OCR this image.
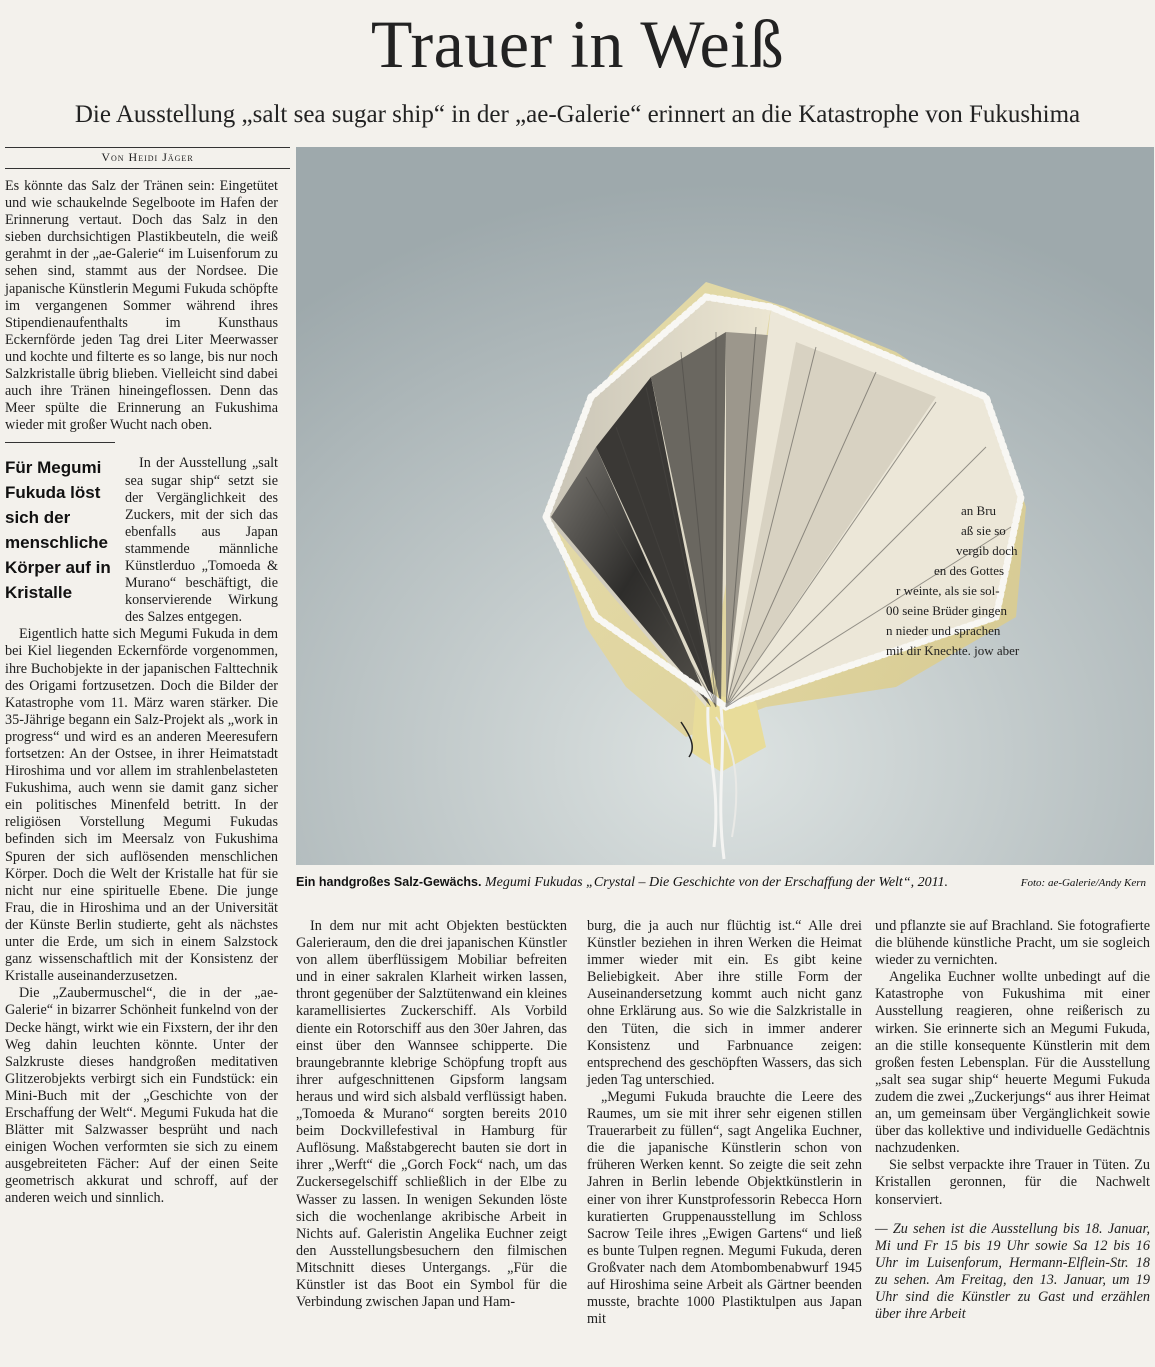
Trauer in Weiß
Die Ausstellung „salt sea sugar ship“ in der „ae-Galerie“ erinnert an die Katastrophe von Fukushima
Von Heidi Jäger

Es könnte das Salz der Tränen sein: Eingetütet und wie schaukelnde Segelboote im Hafen der Erinnerung vertaut. Doch das Salz in den sieben durchsichtigen Plastikbeuteln, die weiß gerahmt in der „ae-Galerie“ im Luisenforum zu sehen sind, stammt aus der Nordsee. Die japanische Künstlerin Megumi Fukuda schöpfte im vergangenen Sommer während ihres Stipendienaufenthalts im Kunsthaus Eckernförde jeden Tag drei Liter Meerwasser und kochte und filterte es so lange, bis nur noch Salzkristalle übrig blieben. Vielleicht sind dabei auch ihre Tränen hineingeflossen. Denn das Meer spülte die Erinnerung an Fukushima wieder mit großer Wucht nach oben.

Für Megumi Fukuda löst sich der menschliche Körper auf in Kristalle

In der Ausstellung „salt sea sugar ship“ setzt sie der Vergänglichkeit des Zuckers, mit der sich das ebenfalls aus Japan stammende männliche Künstlerduo „Tomoeda & Murano“ beschäftigt, die konservierende Wirkung des Salzes entgegen.

Eigentlich hatte sich Megumi Fukuda in dem bei Kiel liegenden Eckernförde vorgenommen, ihre Buchobjekte in der japanischen Falttechnik des Origami fortzusetzen. Doch die Bilder der Katastrophe vom 11. März waren stärker. Die 35-Jährige begann ein Salz-Projekt als „work in progress“ und wird es an anderen Meeresufern fortsetzen: An der Ostsee, in ihrer Heimatstadt Hiroshima und vor allem im strahlenbelasteten Fukushima, auch wenn sie damit ganz sicher ein politisches Minenfeld betritt. In der religiösen Vorstellung Megumi Fukudas befinden sich im Meersalz von Fukushima Spuren der sich auflösenden menschlichen Körper. Doch die Welt der Kristalle hat für sie nicht nur eine spirituelle Ebene. Die junge Frau, die in Hiroshima und an der Universität der Künste Berlin studierte, geht als nächstes unter die Erde, um sich in einem Salzstock ganz wissenschaftlich mit der Konsistenz der Kristalle auseinanderzusetzen.

Die „Zaubermuschel“, die in der „ae-Galerie“ in bizarrer Schönheit funkelnd von der Decke hängt, wirkt wie ein Fixstern, der ihr den Weg dahin leuchten könnte. Unter der Salzkruste dieses handgroßen meditativen Glitzerobjekts verbirgt sich ein Fundstück: ein Mini-Buch mit der „Geschichte von der Erschaffung der Welt“. Megumi Fukuda hat die Blätter mit Salzwasser besprüht und nach einigen Wochen verformten sie sich zu einem ausgebreiteten Fächer: Auf der einen Seite geometrisch akkurat und schroff, auf der anderen weich und sinnlich.

an Bru
aß sie so
vergib doch
en des Gottes
r weinte, als sie sol-
00 seine Brüder gingen
n nieder und sprachen
mit dir Knechte. jow aber
Ein handgroßes Salz-Gewächs. Megumi Fukudas „Crystal – Die Geschichte von der Erschaffung der Welt“, 2011.	Foto: ae-Galerie/Andy Kern

In dem nur mit acht Objekten bestückten Galerieraum, den die drei japanischen Künstler von allem überflüssigem Mobiliar befreiten und in einer sakralen Klarheit wirken lassen, thront gegenüber der Salztütenwand ein kleines karamellisiertes Zuckerschiff. Als Vorbild diente ein Rotorschiff aus den 30er Jahren, das einst über den Wannsee schipperte. Die braungebrannte klebrige Schöpfung tropft aus ihrer aufgeschnittenen Gipsform langsam heraus und wird sich alsbald verflüssigt haben. „Tomoeda & Murano“ sorgten bereits 2010 beim Dockvillefestival in Hamburg für Auflösung. Maßstabgerecht bauten sie dort in ihrer „Werft“ die „Gorch Fock“ nach, um das Zuckersegelschiff schließlich in der Elbe zu Wasser zu lassen. In wenigen Sekunden löste sich die wochenlange akribische Arbeit in Nichts auf. Galeristin Angelika Euchner zeigt den Ausstellungsbesuchern den filmischen Mitschnitt dieses Untergangs. „Für die Künstler ist das Boot ein Symbol für die Verbindung zwischen Japan und Ham-

burg, die ja auch nur flüchtig ist.“ Alle drei Künstler beziehen in ihren Werken die Heimat immer wieder mit ein. Es gibt keine Beliebigkeit. Aber ihre stille Form der Auseinandersetzung kommt auch nicht ganz ohne Erklärung aus. So wie die Salzkristalle in den Tüten, die sich in immer anderer Konsistenz und Farbnuance zeigen: entsprechend des geschöpften Wassers, das sich jeden Tag unterschied.

„Megumi Fukuda brauchte die Leere des Raumes, um sie mit ihrer sehr eigenen stillen Trauerarbeit zu füllen“, sagt Angelika Euchner, die die japanische Künstlerin schon von früheren Werken kennt. So zeigte die seit zehn Jahren in Berlin lebende Objektkünstlerin in einer von ihrer Kunstprofessorin Rebecca Horn kuratierten Gruppenausstellung im Schloss Sacrow Teile ihres „Ewigen Gartens“ und ließ es bunte Tulpen regnen. Megumi Fukuda, deren Großvater nach dem Atombombenabwurf 1945 auf Hiroshima seine Arbeit als Gärtner beenden musste, brachte 1000 Plastiktulpen aus Japan mit

und pflanzte sie auf Brachland. Sie fotografierte die blühende künstliche Pracht, um sie sogleich wieder zu vernichten.

Angelika Euchner wollte unbedingt auf die Katastrophe von Fukushima mit einer Ausstellung reagieren, ohne reißerisch zu wirken. Sie erinnerte sich an Megumi Fukuda, an die stille konsequente Künstlerin mit dem großen festen Lebensplan. Für die Ausstellung „salt sea sugar ship“ heuerte Megumi Fukuda zudem die zwei „Zuckerjungs“ aus ihrer Heimat an, um gemeinsam über Vergänglichkeit sowie über das kollektive und individuelle Gedächtnis nachzudenken.

Sie selbst verpackte ihre Trauer in Tüten. Zu Kristallen geronnen, für die Nachwelt konserviert.

— Zu sehen ist die Ausstellung bis 18. Januar, Mi und Fr 15 bis 19 Uhr sowie Sa 12 bis 16 Uhr im Luisenforum, Hermann-Elflein-Str. 18 zu sehen. Am Freitag, den 13. Januar, um 19 Uhr sind die Künstler zu Gast und erzählen über ihre Arbeit
